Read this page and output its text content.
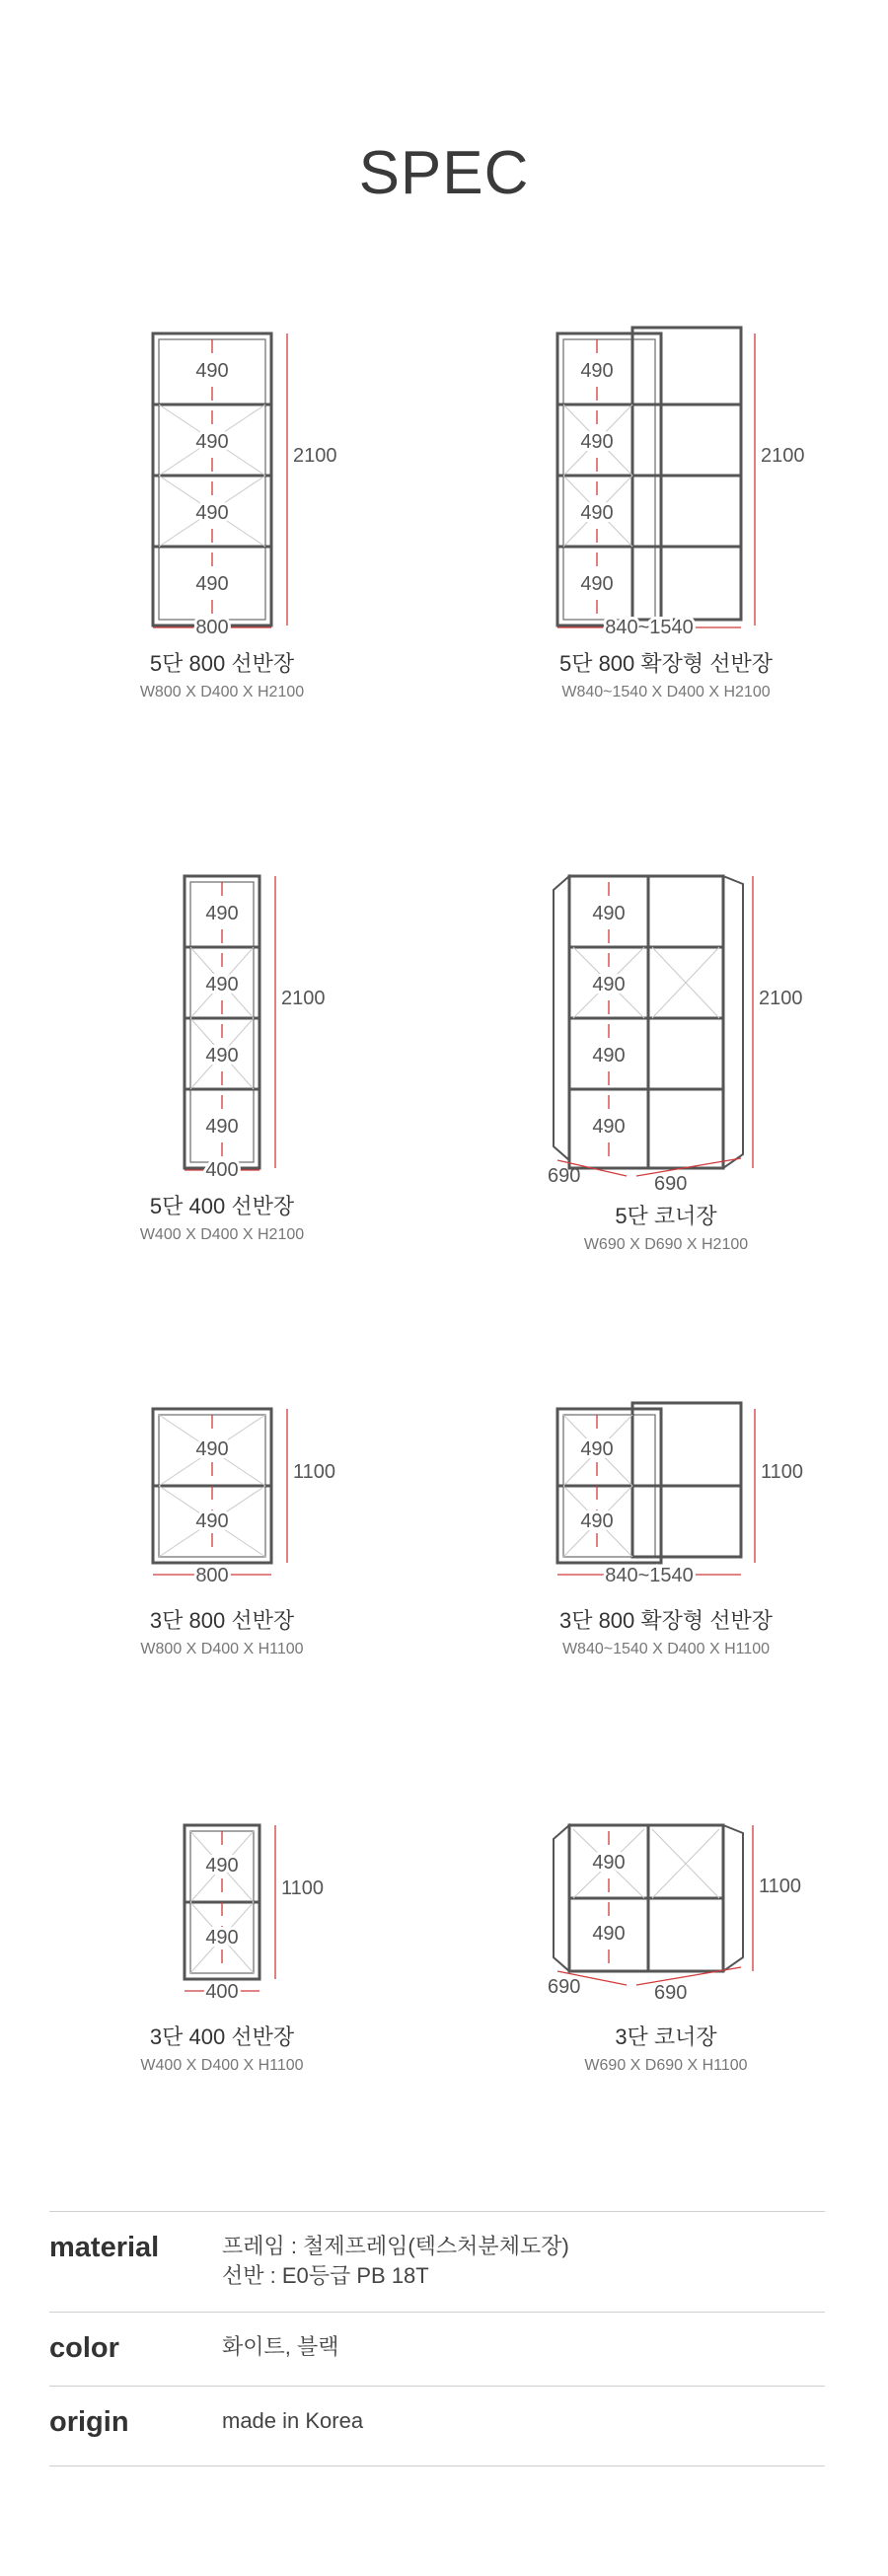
SPEC
490
490
490
490
2100
800
5단 800 선반장
W800 X D400 X H2100
490
490
490
490
2100
840~1540
5단 800 확장형 선반장
W840~1540 X D400 X H2100
490
490
490
490
2100
400
5단 400 선반장
W400 X D400 X H2100
490
490
490
490
2100
690	690
5단 코너장
W690 X D690 X H2100
490
490
1100
800
3단 800 선반장
W800 X D400 X H1100
490
490
1100
840~1540
3단 800 확장형 선반장
W840~1540 X D400 X H1100
490
490
1100
400
3단 400 선반장
W400 X D400 X H1100
490
490
1100
690	690
3단 코너장
W690 X D690 X H1100
material	프레임 : 철제프레임(텍스처분체도장)
선반 : E0등급 PB 18T
color	화이트, 블랙
origin	made in Korea
